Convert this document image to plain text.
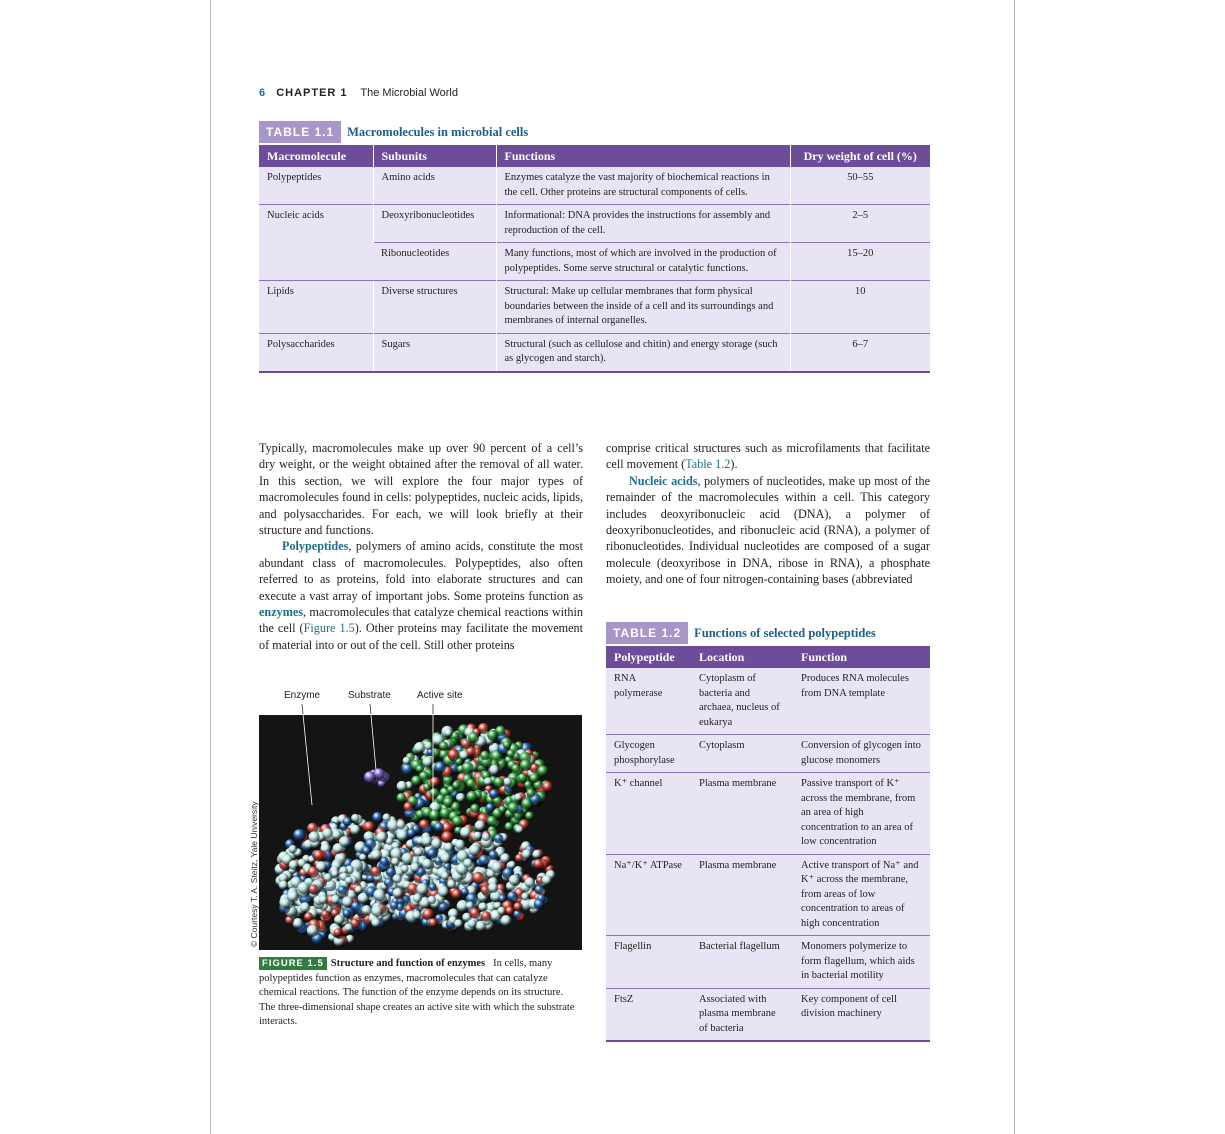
6 CHAPTER 1 The Microbial World
TABLE 1.1	Macromolecules in microbial cells
Macromolecule	Subunits	Functions	Dry weight of cell (%)
Polypeptides	Amino acids	Enzymes catalyze the vast majority of biochemical reactions in the cell. Other proteins are structural components of cells.	50–55
Nucleic acids	Deoxyribonucleotides	Informational: DNA provides the instructions for assembly and reproduction of the cell.	2–5
	Ribonucleotides	Many functions, most of which are involved in the production of polypeptides. Some serve structural or catalytic functions.	15–20
Lipids	Diverse structures	Structural: Make up cellular membranes that form physical boundaries between the inside of a cell and its surroundings and membranes of internal organelles.	10
Polysaccharides	Sugars	Structural (such as cellulose and chitin) and energy storage (such as glycogen and starch).	6–7

Typically, macromolecules make up over 90 percent of a cell’s dry weight, or the weight obtained after the removal of all water. In this section, we will explore the four major types of macromolecules found in cells: polypeptides, nucleic acids, lipids, and polysaccharides. For each, we will look briefly at their structure and functions.

Polypeptides, polymers of amino acids, constitute the most abundant class of macromolecules. Polypeptides, also often referred to as proteins, fold into elaborate structures and can execute a vast array of important jobs. Some proteins function as enzymes, macromolecules that catalyze chemical reactions within the cell (Figure 1.5). Other proteins may facilitate the movement of material into or out of the cell. Still other proteins

comprise critical structures such as microfilaments that facilitate cell movement (Table 1.2).

Nucleic acids, polymers of nucleotides, make up most of the remainder of the macromolecules within a cell. This category includes deoxyribonucleic acid (DNA), a polymer of deoxyribonucleotides, and ribonucleic acid (RNA), a polymer of ribonucleotides. Individual nucleotides are composed of a sugar molecule (deoxyribose in DNA, ribose in RNA), a phosphate moiety, and one of four nitrogen-containing bases (abbreviated

Enzyme	Substrate	Active site
© Courtesy T. A. Steitz, Yale University
FIGURE 1.5 Structure and function of enzymes In cells, many polypeptides function as enzymes, macromolecules that can catalyze chemical reactions. The function of the enzyme depends on its structure. The three-dimensional shape creates an active site with which the substrate interacts.
TABLE 1.2	Functions of selected polypeptides
Polypeptide	Location	Function
RNA polymerase	Cytoplasm of bacteria and archaea, nucleus of eukarya	Produces RNA molecules from DNA template
Glycogen phosphorylase	Cytoplasm	Conversion of glycogen into glucose monomers
K⁺ channel	Plasma membrane	Passive transport of K⁺ across the membrane, from an area of high concentration to an area of low concentration
Na⁺/K⁺ ATPase	Plasma membrane	Active transport of Na⁺ and K⁺ across the membrane, from areas of low concentration to areas of high concentration
Flagellin	Bacterial flagellum	Monomers polymerize to form flagellum, which aids in bacterial motility
FtsZ	Associated with plasma membrane of bacteria	Key component of cell division machinery
